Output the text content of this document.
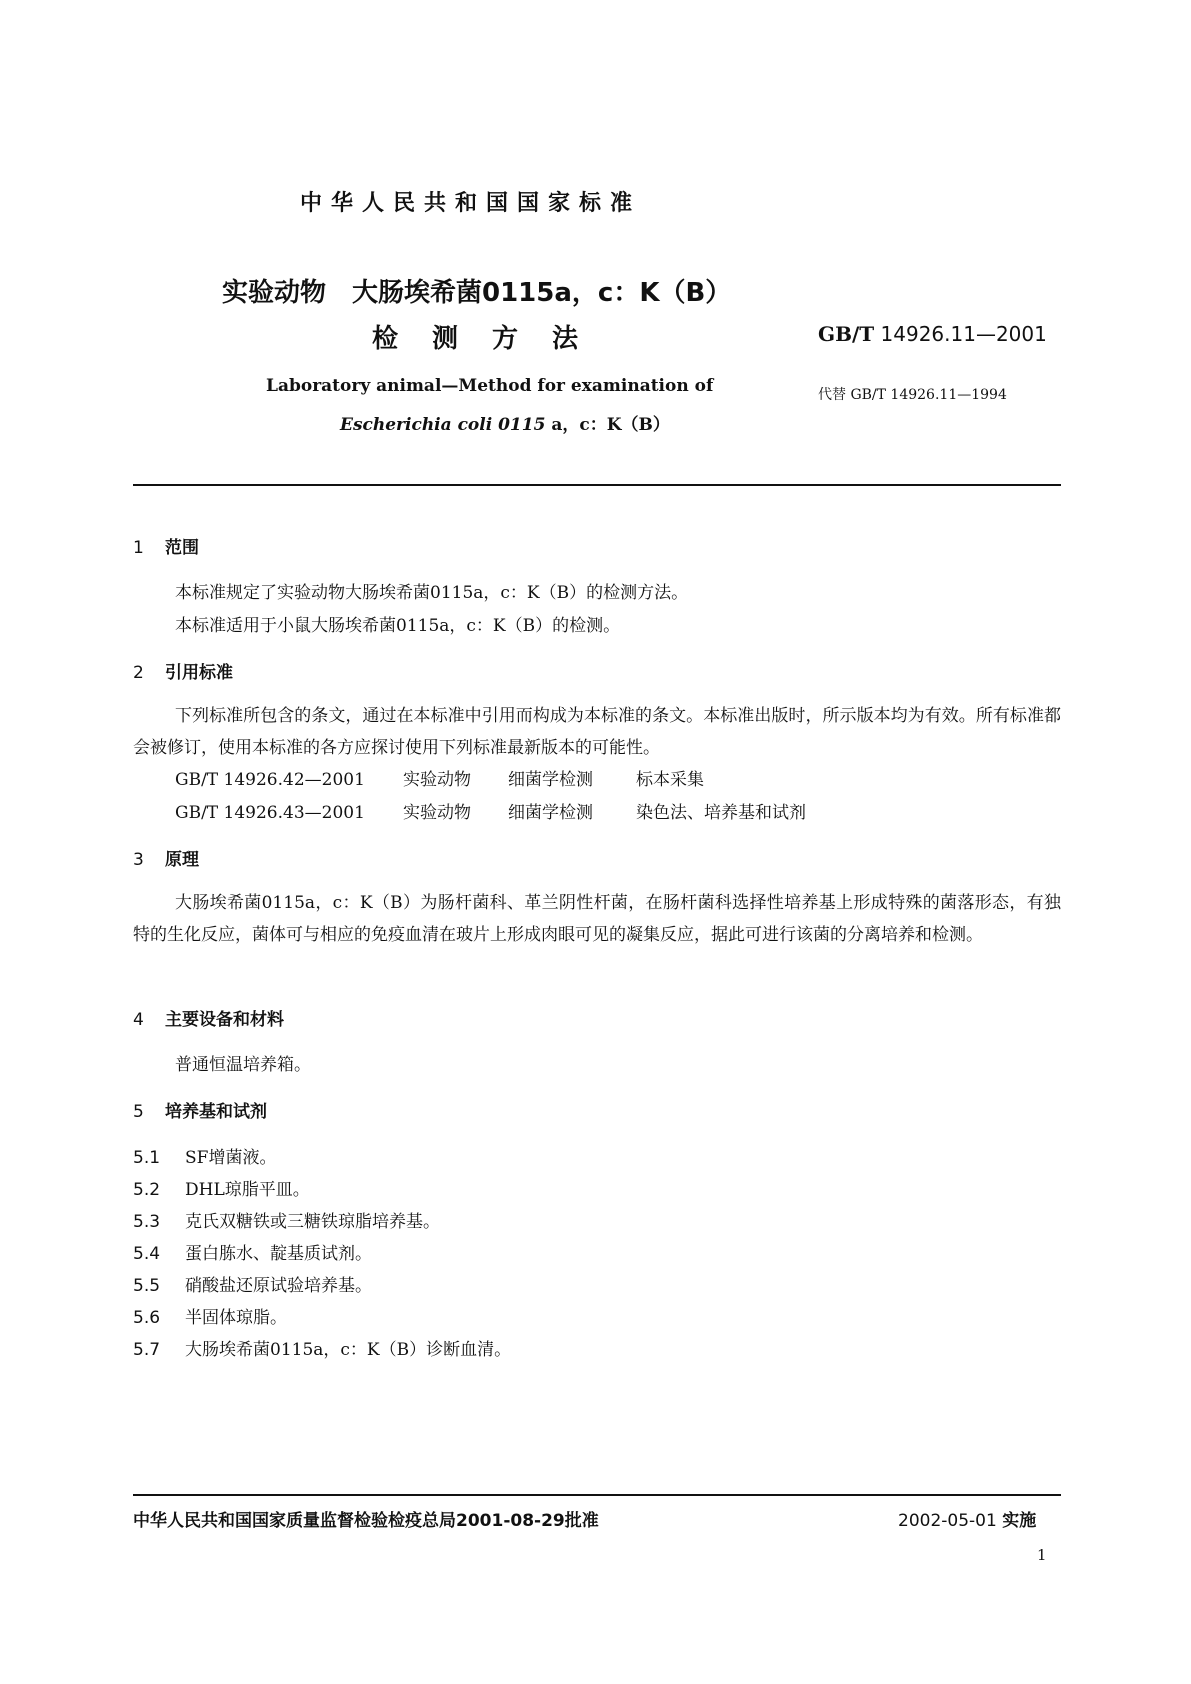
中华人民共和国国家标准
实验动物　大肠埃希菌0115a，c：K（B）
检测方法	GB/T 14926.11—2001
Laboratory animal—Method for examination of
Escherichia coli 0115 a，c：K（B）
代替 GB/T 14926.11—1994
1 范围
本标准规定了实验动物大肠埃希菌0115a，c：K（B）的检测方法。
本标准适用于小鼠大肠埃希菌0115a，c：K（B）的检测。
2 引用标准
下列标准所包含的条文，通过在本标准中引用而构成为本标准的条文。本标准出版时，所示版本均为有效。所有标准都会被修订，使用本标准的各方应探讨使用下列标准最新版本的可能性。
GB/T 14926.42—2001 实验动物 细菌学检测	标本采集
GB/T 14926.43—2001 实验动物 细菌学检测	染色法、培养基和试剂
3 原理
大肠埃希菌0115a，c：K（B）为肠杆菌科、革兰阴性杆菌，在肠杆菌科选择性培养基上形成特殊的菌落形态，有独特的生化反应，菌体可与相应的免疫血清在玻片上形成肉眼可见的凝集反应，据此可进行该菌的分离培养和检测。
4 主要设备和材料
普通恒温培养箱。
5 培养基和试剂
5.1 SF增菌液。
5.2 DHL琼脂平皿。
5.3 克氏双糖铁或三糖铁琼脂培养基。
5.4 蛋白胨水、靛基质试剂。
5.5 硝酸盐还原试验培养基。
5.6 半固体琼脂。
5.7 大肠埃希菌0115a，c：K（B）诊断血清。
中华人民共和国国家质量监督检验检疫总局2001-08-29批准	2002-05-01 实施
1
